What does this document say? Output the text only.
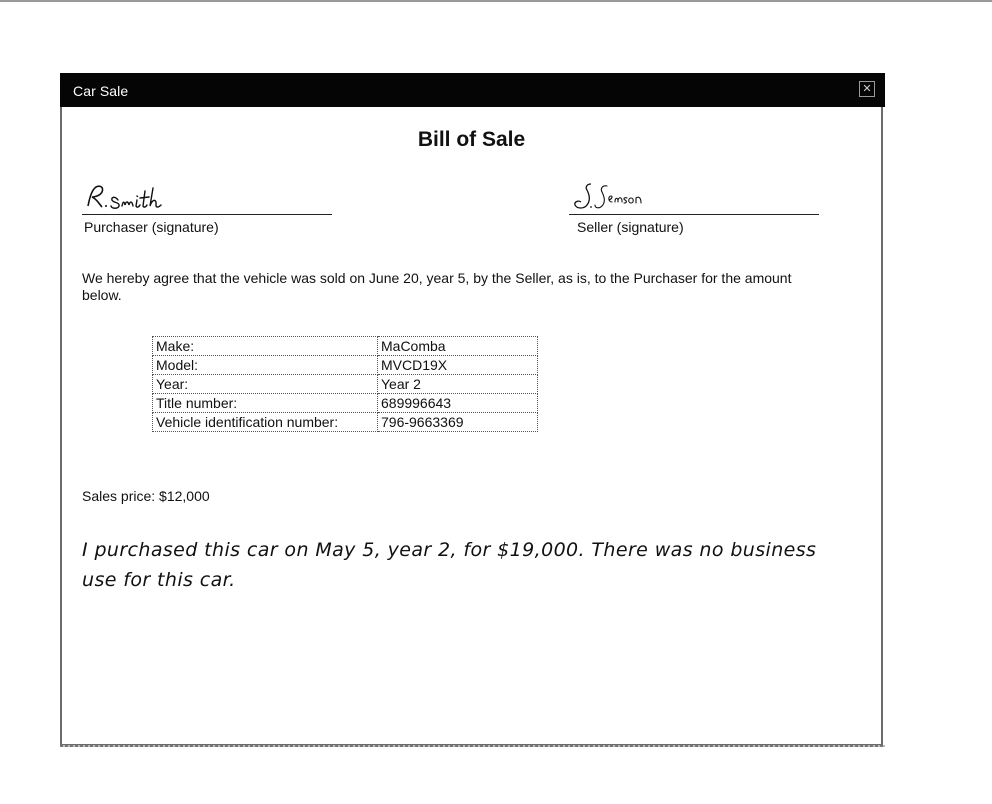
Car Sale	✕
Bill of Sale
Purchaser (signature)	Seller (signature)
We hereby agree that the vehicle was sold on June 20, year 5, by the Seller, as is, to the Purchaser for the amount below.
Make:	MaComba
Model:	MVCD19X
Year:	Year 2
Title number:	689996643
Vehicle identification number:	796-9663369
Sales price: $12,000
I purchased this car on May 5, year 2, for $19,000. There was no business use for this car.
